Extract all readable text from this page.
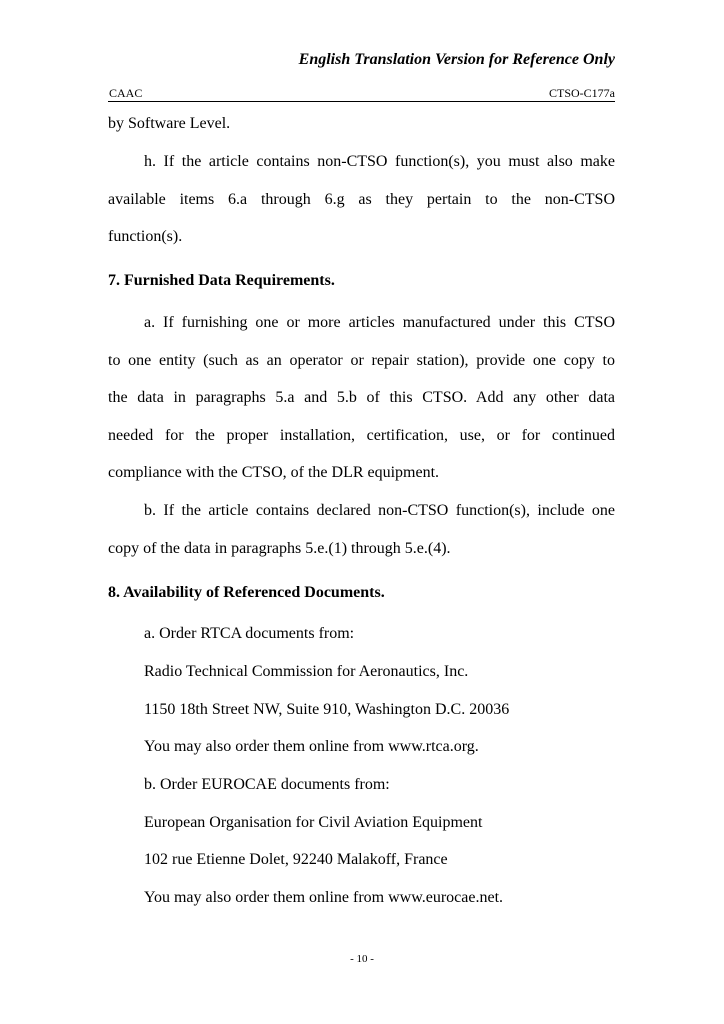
English Translation Version for Reference Only
CAAC	CTSO-C177a
by Software Level.
h. If the article contains non-CTSO function(s), you must also make
available items 6.a through 6.g as they pertain to the non-CTSO
function(s).
7. Furnished Data Requirements.
a. If furnishing one or more articles manufactured under this CTSO
to one entity (such as an operator or repair station), provide one copy to
the data in paragraphs 5.a and 5.b of this CTSO. Add any other data
needed for the proper installation, certification, use, or for continued
compliance with the CTSO, of the DLR equipment.
b. If the article contains declared non-CTSO function(s), include one
copy of the data in paragraphs 5.e.(1) through 5.e.(4).
8. Availability of Referenced Documents.
a. Order RTCA documents from:
Radio Technical Commission for Aeronautics, Inc.
1150 18th Street NW, Suite 910, Washington D.C. 20036
You may also order them online from www.rtca.org.
b. Order EUROCAE documents from:
European Organisation for Civil Aviation Equipment
102 rue Etienne Dolet, 92240 Malakoff, France
You may also order them online from www.eurocae.net.
- 10 -
